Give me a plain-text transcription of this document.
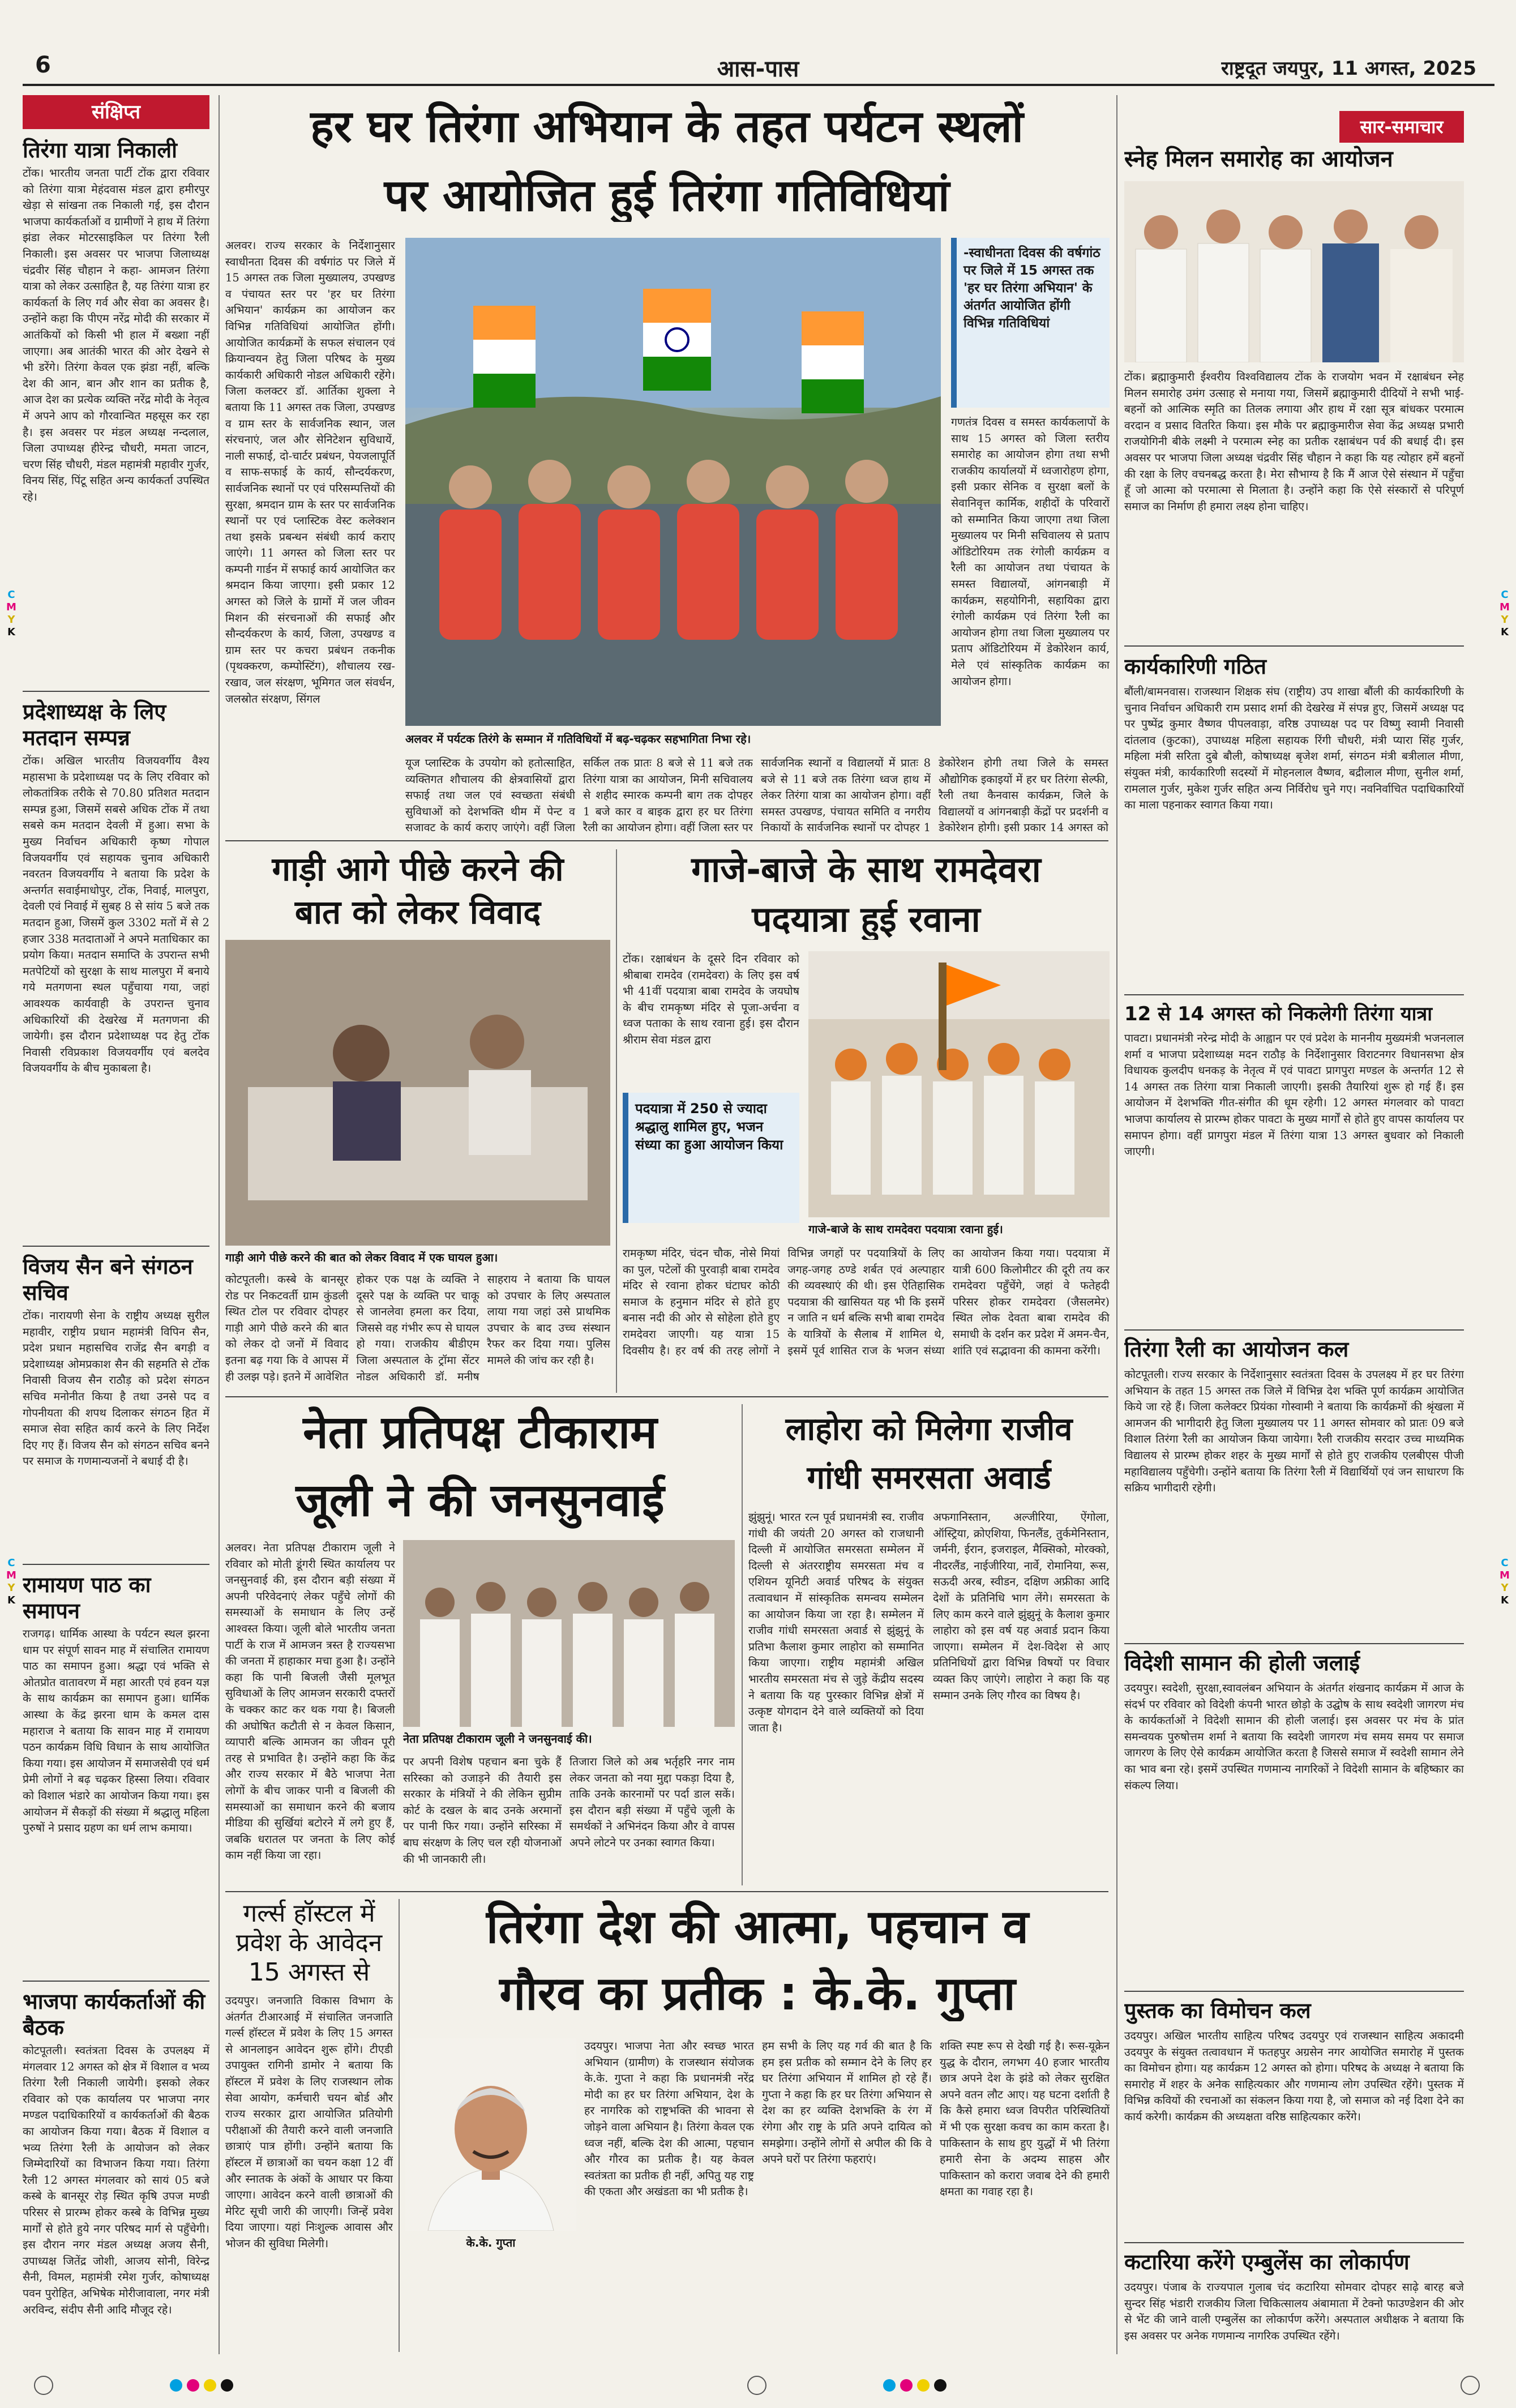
6	आस-पास	राष्ट्रदूत जयपुर, 11 अगस्त, 2025
संक्षिप्त
तिरंगा यात्रा निकाली
टोंक। भारतीय जनता पार्टी टोंक द्वारा रविवार को तिरंगा यात्रा मेहंदवास मंडल द्वारा हमीरपुर खेड़ा से सांखना तक निकाली गई, इस दौरान भाजपा कार्यकर्ताओं व ग्रामीणों ने हाथ में तिरंगा झंडा लेकर मोटरसाइकिल पर तिरंगा रैली निकाली। इस अवसर पर भाजपा जिलाध्यक्ष चंद्रवीर सिंह चौहान ने कहा- आमजन तिरंगा यात्रा को लेकर उत्साहित है, यह तिरंगा यात्रा हर कार्यकर्ता के लिए गर्व और सेवा का अवसर है। उन्होंने कहा कि पीएम नरेंद्र मोदी की सरकार में आतंकियों को किसी भी हाल में बख्शा नहीं जाएगा। अब आतंकी भारत की ओर देखने से भी डरेंगे। तिरंगा केवल एक झंडा नहीं, बल्कि देश की आन, बान और शान का प्रतीक है, आज देश का प्रत्येक व्यक्ति नरेंद्र मोदी के नेतृत्व में अपने आप को गौरवान्वित महसूस कर रहा है। इस अवसर पर मंडल अध्यक्ष नन्दलाल, जिला उपाध्यक्ष हीरेन्द्र चौधरी, ममता जाटन, चरण सिंह चौधरी, मंडल महामंत्री महावीर गुर्जर, विनय सिंह, पिंटू सहित अन्य कार्यकर्ता उपस्थित रहे।
प्रदेशाध्यक्ष के लिए मतदान सम्पन्न
टोंक। अखिल भारतीय विजयवर्गीय वैश्य महासभा के प्रदेशाध्यक्ष पद के लिए रविवार को लोकतांत्रिक तरीके से 70.80 प्रतिशत मतदान सम्पन्न हुआ, जिसमें सबसे अधिक टोंक में तथा सबसे कम मतदान देवली में हुआ। सभा के मुख्य निर्वाचन अधिकारी कृष्ण गोपाल विजयवर्गीय एवं सहायक चुनाव अधिकारी नवरतन विजयवर्गीय ने बताया कि प्रदेश के अन्तर्गत सवाईमाधोपुर, टोंक, निवाई, मालपुरा, देवली एवं निवाई में सुबह 8 से सांय 5 बजे तक मतदान हुआ, जिसमें कुल 3302 मतों में से 2 हजार 338 मतदाताओं ने अपने मताधिकार का प्रयोग किया। मतदान समाप्ति के उपरान्त सभी मतपेटियों को सुरक्षा के साथ मालपुरा में बनाये गये मतगणना स्थल पहुँचाया गया, जहां आवश्यक कार्यवाही के उपरान्त चुनाव अधिकारियों की देखरेख में मतगणना की जायेगी। इस दौरान प्रदेशाध्यक्ष पद हेतु टोंक निवासी रविप्रकाश विजयवर्गीय एवं बलदेव विजयवर्गीय के बीच मुकाबला है।
विजय सैन बने संगठन सचिव
टोंक। नारायणी सेना के राष्ट्रीय अध्यक्ष सुरील महावीर, राष्ट्रीय प्रधान महामंत्री विपिन सैन, प्रदेश प्रधान महासचिव राजेंद्र सैन बगड़ी व प्रदेशाध्यक्ष ओमप्रकाश सैन की सहमति से टोंक निवासी विजय सैन राठौड़ को प्रदेश संगठन सचिव मनोनीत किया है तथा उनसे पद व गोपनीयता की शपथ दिलाकर संगठन हित में समाज सेवा सहित कार्य करने के लिए निर्देश दिए गए हैं। विजय सैन को संगठन सचिव बनने पर समाज के गणमान्यजनों ने बधाई दी है।
रामायण पाठ का समापन
राजगढ़। धार्मिक आस्था के पर्यटन स्थल झरना धाम पर संपूर्ण सावन माह में संचालित रामायण पाठ का समापन हुआ। श्रद्धा एवं भक्ति से ओतप्रोत वातावरण में महा आरती एवं हवन यज्ञ के साथ कार्यक्रम का समापन हुआ। धार्मिक आस्था के केंद्र झरना धाम के कमल दास महाराज ने बताया कि सावन माह में रामायण पठन कार्यक्रम विधि विधान के साथ आयोजित किया गया। इस आयोजन में समाजसेवी एवं धर्म प्रेमी लोगों ने बढ़ चढ़कर हिस्सा लिया। रविवार को विशाल भंडारे का आयोजन किया गया। इस आयोजन में सैकड़ों की संख्या में श्रद्धालु महिला पुरुषों ने प्रसाद ग्रहण का धर्म लाभ कमाया।
भाजपा कार्यकर्ताओं की बैठक
कोटपूतली। स्वतंत्रता दिवस के उपलक्ष्य में मंगलवार 12 अगस्त को क्षेत्र में विशाल व भव्य तिरंगा रैली निकाली जायेगी। इसको लेकर रविवार को एक कार्यालय पर भाजपा नगर मण्डल पदाधिकारियों व कार्यकर्ताओं की बैठक का आयोजन किया गया। बैठक में विशाल व भव्य तिरंगा रैली के आयोजन को लेकर जिम्मेदारियों का विभाजन किया गया। तिरंगा रैली 12 अगस्त मंगलवार को सायं 05 बजे कस्बे के बानसूर रोड़ स्थित कृषि उपज मण्डी परिसर से प्रारम्भ होकर कस्बे के विभिन्न मुख्य मार्गों से होते हुये नगर परिषद मार्ग से पहुँचेगी। इस दौरान नगर मंडल अध्यक्ष अजय सैनी, उपाध्यक्ष जितेंद्र जोशी, आजय सोनी, विरेन्द्र सैनी, विमल, महामंत्री रमेश गुर्जर, कोषाध्यक्ष पवन पुरोहित, अभिषेक मोरीजावाला, नगर मंत्री अरविन्द, संदीप सैनी आदि मौजूद रहे।
हर घर तिरंगा अभियान के तहत पर्यटन स्थलों
पर आयोजित हुई तिरंगा गतिविधियां
अलवर। राज्य सरकार के निर्देशानुसार स्वाधीनता दिवस की वर्षगांठ पर जिले में 15 अगस्त तक जिला मुख्यालय, उपखण्ड व पंचायत स्तर पर 'हर घर तिरंगा अभियान' कार्यक्रम का आयोजन कर विभिन्न गतिविधियां आयोजित होंगी। आयोजित कार्यक्रमों के सफल संचालन एवं क्रियान्वयन हेतु जिला परिषद के मुख्य कार्यकारी अधिकारी नोडल अधिकारी रहेंगे। जिला कलक्टर डॉ. आर्तिका शुक्ला ने बताया कि 11 अगस्त तक जिला, उपखण्ड व ग्राम स्तर के सार्वजनिक स्थान, जल संरचनाएं, जल और सेनिटेशन सुविधायें, नाली सफाई, दो-चार्टर प्रबंधन, पेयजलापूर्ति व साफ-सफाई के कार्य, सौन्दर्यकरण, सार्वजनिक स्थानों पर एवं परिसम्पत्तियों की सुरक्षा, श्रमदान ग्राम के स्तर पर सार्वजनिक स्थानों पर एवं प्लास्टिक वेस्ट कलेक्शन तथा इसके प्रबन्धन संबंधी कार्य कराए जाएंगे। 11 अगस्त को जिला स्तर पर कम्पनी गार्डन में सफाई कार्य आयोजित कर श्रमदान किया जाएगा। इसी प्रकार 12 अगस्त को जिले के ग्रामों में जल जीवन मिशन की संरचनाओं की सफाई और सौन्दर्यकरण के कार्य, जिला, उपखण्ड व ग्राम स्तर पर कचरा प्रबंधन तकनीक (पृथक्करण, कम्पोस्टिंग), शौचालय रख-रखाव, जल संरक्षण, भूमिगत जल संवर्धन, जलस्रोत संरक्षण, सिंगल
-स्वाधीनता दिवस की वर्षगांठ पर जिले में 15 अगस्त तक 'हर घर तिरंगा अभियान' के अंतर्गत आयोजित होंगी विभिन्न गतिविधियां
गणतंत्र दिवस व समस्त कार्यकलापों के साथ 15 अगस्त को जिला स्तरीय समारोह का आयोजन होगा तथा सभी राजकीय कार्यालयों में ध्वजारोहण होगा, इसी प्रकार सेनिक व सुरक्षा बलों के सेवानिवृत्त कार्मिक, शहीदों के परिवारों को सम्मानित किया जाएगा तथा जिला मुख्यालय पर मिनी सचिवालय से प्रताप ऑडिटोरियम तक रंगोली कार्यक्रम व रैली का आयोजन तथा पंचायत के समस्त विद्यालयों, आंगनबाड़ी में कार्यक्रम, सहयोगिनी, सहायिका द्वारा रंगोली कार्यक्रम एवं तिरंगा रैली का आयोजन होगा तथा जिला मुख्यालय पर प्रताप ऑडिटोरियम में डेकोरेशन कार्य, मेले एवं सांस्कृतिक कार्यक्रम का आयोजन होगा।
अलवर में पर्यटक तिरंगे के सम्मान में गतिविधियों में बढ़-चढ़कर सहभागिता निभा रहे।
यूज प्लास्टिक के उपयोग को हतोत्साहित, व्यक्तिगत शौचालय की क्षेत्रवासियों द्वारा सफाई तथा जल एवं स्वच्छता संबंधी सुविधाओं को देशभक्ति थीम में पेन्ट व सजावट के कार्य कराए जाएंगे। वहीं जिला
सर्किल तक प्रातः 8 बजे से 11 बजे तक तिरंगा यात्रा का आयोजन, मिनी सचिवालय से शहीद स्मारक कम्पनी बाग तक दोपहर 1 बजे कार व बाइक द्वारा हर घर तिरंगा रैली का आयोजन होगा। वहीं जिला स्तर पर
सार्वजनिक स्थानों व विद्यालयों में प्रातः 8 बजे से 11 बजे तक तिरंगा ध्वज हाथ में लेकर तिरंगा यात्रा का आयोजन होगा। वहीं समस्त उपखण्ड, पंचायत समिति व नगरीय निकायों के सार्वजनिक स्थानों पर दोपहर 1
डेकोरेशन होगी तथा जिले के समस्त औद्योगिक इकाइयों में हर घर तिरंगा सेल्फी, रैली तथा कैनवास कार्यक्रम, जिले के विद्यालयों व आंगनबाड़ी केंद्रों पर प्रदर्शनी व डेकोरेशन होगी। इसी प्रकार 14 अगस्त को
गाड़ी आगे पीछे करने की
बात को लेकर विवाद
गाड़ी आगे पीछे करने की बात को लेकर विवाद में एक घायल हुआ।
कोटपूतली। कस्बे के बानसूर रोड पर निकटवर्ती ग्राम कुंडली स्थित टोल पर रविवार दोपहर गाड़ी आगे पीछे करने की बात को लेकर दो जनों में विवाद इतना बढ़ गया कि वे आपस में ही उलझ पड़े। इतने में आवेशित होकर एक पक्ष के व्यक्ति ने दूसरे पक्ष के व्यक्ति पर चाकू से जानलेवा हमला कर दिया, जिससे वह गंभीर रूप से घायल हो गया। राजकीय बीडीएम जिला अस्पताल के ट्रॉमा सेंटर नोडल अधिकारी डॉ. मनीष साहराय ने बताया कि घायल को उपचार के लिए अस्पताल लाया गया जहां उसे प्राथमिक उपचार के बाद उच्च संस्थान रैफर कर दिया गया। पुलिस मामले की जांच कर रही है।
गाजे-बाजे के साथ रामदेवरा
पदयात्रा हुई रवाना
टोंक। रक्षाबंधन के दूसरे दिन रविवार को श्रीबाबा रामदेव (रामदेवरा) के लिए इस वर्ष भी 41वीं पदयात्रा बाबा रामदेव के जयघोष के बीच रामकृष्ण मंदिर से पूजा-अर्चना व ध्वज पताका के साथ रवाना हुई। इस दौरान श्रीराम सेवा मंडल द्वारा
पदयात्रा में 250 से ज्यादा श्रद्धालु शामिल हुए, भजन संध्या का हुआ आयोजन किया
गाजे-बाजे के साथ रामदेवरा पदयात्रा रवाना हुई।
रामकृष्ण मंदिर, चंदन चौक, नोसे मियां का पुल, पटेलों की पुरवाड़ी बाबा रामदेव मंदिर से रवाना होकर घंटाघर कोठी समाज के हनुमान मंदिर से होते हुए बनास नदी की ओर से सोहेला होते हुए रामदेवरा जाएगी। यह यात्रा 15 दिवसीय है। हर वर्ष की तरह लोगों ने विभिन्न जगहों पर पदयात्रियों के लिए जगह-जगह ठण्डे शर्बत एवं अल्पाहार की व्यवस्थाएं की थी। इस ऐतिहासिक पदयात्रा की खासियत यह भी कि इसमें न जाति न धर्म बल्कि सभी बाबा रामदेव के यात्रियों के सैलाब में शामिल थे, इसमें पूर्व शासित राज के भजन संध्या का आयोजन किया गया। पदयात्रा में यात्री 600 किलोमीटर की दूरी तय कर रामदेवरा पहुँचेंगे, जहां वे फतेहदी परिसर होकर रामदेवरा (जैसलमेर) स्थित लोक देवता बाबा रामदेव की समाधी के दर्शन कर प्रदेश में अमन-चैन, शांति एवं सद्भावना की कामना करेंगी।
नेता प्रतिपक्ष टीकाराम
जूली ने की जनसुनवाई
अलवर। नेता प्रतिपक्ष टीकाराम जूली ने रविवार को मोती डूंगरी स्थित कार्यालय पर जनसुनवाई की, इस दौरान बड़ी संख्या में अपनी परिवेदनाएं लेकर पहुँचे लोगों की समस्याओं के समाधान के लिए उन्हें आश्वस्त किया। जूली बोले भारतीय जनता पार्टी के राज में आमजन त्रस्त है राज्यसभा की जनता में हाहाकार मचा हुआ है। उन्होंने कहा कि पानी बिजली जैसी मूलभूत सुविधाओं के लिए आमजन सरकारी दफ्तरों के चक्कर काट कर थक गया है। बिजली की अघोषित कटौती से न केवल किसान, व्यापारी बल्कि आमजन का जीवन पूरी तरह से प्रभावित है। उन्होंने कहा कि केंद्र और राज्य सरकार में बैठे भाजपा नेता लोगों के बीच जाकर पानी व बिजली की समस्याओं का समाधान करने की बजाय मीडिया की सुर्खियां बटोरने में लगे हुए हैं, जबकि धरातल पर जनता के लिए कोई काम नहीं किया जा रहा।
नेता प्रतिपक्ष टीकाराम जूली ने जनसुनवाई की।
पर अपनी विशेष पहचान बना चुके हैं सरिस्का को उजाड़ने की तैयारी इस सरकार के मंत्रियों ने की लेकिन सुप्रीम कोर्ट के दखल के बाद उनके अरमानों पर पानी फिर गया। उन्होंने सरिस्का में बाघ संरक्षण के लिए चल रही योजनाओं की भी जानकारी ली।
तिजारा जिले को अब भर्तृहरि नगर नाम लेकर जनता को नया मुद्दा पकड़ा दिया है, ताकि उनके कारनामों पर पर्दा डाल सकें। इस दौरान बड़ी संख्या में पहुँचे जूली के समर्थकों ने अभिनंदन किया और वे वापस अपने लोटने पर उनका स्वागत किया।
लाहोरा को मिलेगा राजीव
गांधी समरसता अवार्ड
झुंझुनूं। भारत रत्न पूर्व प्रधानमंत्री स्व. राजीव गांधी की जयंती 20 अगस्त को राजधानी दिल्ली में आयोजित समरसता सम्मेलन में दिल्ली से अंतरराष्ट्रीय समरसता मंच व एशियन यूनिटी अवार्ड परिषद के संयुक्त तत्वावधान में सांस्कृतिक समन्वय सम्मेलन का आयोजन किया जा रहा है। सम्मेलन में राजीव गांधी समरसता अवार्ड से झुंझुनूं के प्रतिभा कैलाश कुमार लाहोरा को सम्मानित किया जाएगा। राष्ट्रीय महामंत्री अखिल भारतीय समरसता मंच से जुड़े केंद्रीय सदस्य ने बताया कि यह पुरस्कार विभिन्न क्षेत्रों में उत्कृष्ट योगदान देने वाले व्यक्तियों को दिया जाता है।
अफगानिस्तान, अल्जीरिया, ऐंगोला, ऑस्ट्रिया, क्रोएशिया, फिनलैंड, तुर्कमेनिस्तान, जर्मनी, ईरान, इजराइल, मैक्सिको, मोरक्को, नीदरलैंड, नाईजीरिया, नार्वे, रोमानिया, रूस, सऊदी अरब, स्वीडन, दक्षिण अफ्रीका आदि देशों के प्रतिनिधि भाग लेंगे। समरसता के लिए काम करने वाले झुंझुनूं के कैलाश कुमार लाहोरा को इस वर्ष यह अवार्ड प्रदान किया जाएगा। सम्मेलन में देश-विदेश से आए प्रतिनिधियों द्वारा विभिन्न विषयों पर विचार व्यक्त किए जाएंगे। लाहोरा ने कहा कि यह सम्मान उनके लिए गौरव का विषय है।
गर्ल्स हॉस्टल में
प्रवेश के आवेदन
15 अगस्त से
उदयपुर। जनजाति विकास विभाग के अंतर्गत टीआरआई में संचालित जनजाति गर्ल्स हॉस्टल में प्रवेश के लिए 15 अगस्त से आनलाइन आवेदन शुरू होंगे। टीएडी उपायुक्त रागिनी डामोर ने बताया कि हॉस्टल में प्रवेश के लिए राजस्थान लोक सेवा आयोग, कर्मचारी चयन बोर्ड और राज्य सरकार द्वारा आयोजित प्रतियोगी परीक्षाओं की तैयारी करने वाली जनजाति छात्राएं पात्र होंगी। उन्होंने बताया कि हॉस्टल में छात्राओं का चयन कक्षा 12 वीं और स्नातक के अंकों के आधार पर किया जाएगा। आवेदन करने वाली छात्राओं की मेरिट सूची जारी की जाएगी। जिन्हें प्रवेश दिया जाएगा। यहां निःशुल्क आवास और भोजन की सुविधा मिलेगी।
तिरंगा देश की आत्मा, पहचान व
गौरव का प्रतीक : के.के. गुप्ता
के.के. गुप्ता
उदयपुर। भाजपा नेता और स्वच्छ भारत अभियान (ग्रामीण) के राजस्थान संयोजक के.के. गुप्ता ने कहा कि प्रधानमंत्री नरेंद्र मोदी का हर घर तिरंगा अभियान, देश के हर नागरिक को राष्ट्रभक्ति की भावना से जोड़ने वाला अभियान है। तिरंगा केवल एक ध्वज नहीं, बल्कि देश की आत्मा, पहचान और गौरव का प्रतीक है। यह केवल स्वतंत्रता का प्रतीक ही नहीं, अपितु यह राष्ट्र की एकता और अखंडता का भी प्रतीक है।
हम सभी के लिए यह गर्व की बात है कि हम इस प्रतीक को सम्मान देने के लिए हर घर तिरंगा अभियान में शामिल हो रहे हैं। गुप्ता ने कहा कि हर घर तिरंगा अभियान से देश का हर व्यक्ति देशभक्ति के रंग में रंगेगा और राष्ट्र के प्रति अपने दायित्व को समझेगा। उन्होंने लोगों से अपील की कि वे अपने घरों पर तिरंगा फहराएं।
शक्ति स्पष्ट रूप से देखी गई है। रूस-यूक्रेन युद्ध के दौरान, लगभग 40 हजार भारतीय छात्र अपने देश के झंडे को लेकर सुरक्षित अपने वतन लौट आए। यह घटना दर्शाती है कि कैसे हमारा ध्वज विपरीत परिस्थितियों में भी एक सुरक्षा कवच का काम करता है। पाकिस्तान के साथ हुए युद्धों में भी तिरंगा हमारी सेना के अदम्य साहस और पाकिस्तान को करारा जवाब देने की हमारी क्षमता का गवाह रहा है।
सार-समाचार
स्नेह मिलन समारोह का आयोजन
टोंक। ब्रह्माकुमारी ईश्वरीय विश्वविद्यालय टोंक के राजयोग भवन में रक्षाबंधन स्नेह मिलन समारोह उमंग उत्साह से मनाया गया, जिसमें ब्रह्माकुमारी दीदियों ने सभी भाई-बहनों को आत्मिक स्मृति का तिलक लगाया और हाथ में रक्षा सूत्र बांधकर परमात्म वरदान व प्रसाद वितरित किया। इस मौके पर ब्रह्माकुमारीज सेवा केंद्र अध्यक्ष प्रभारी राजयोगिनी बीके लक्ष्मी ने परमात्म स्नेह का प्रतीक रक्षाबंधन पर्व की बधाई दी। इस अवसर पर भाजपा जिला अध्यक्ष चंद्रवीर सिंह चौहान ने कहा कि यह त्योहार हमें बहनों की रक्षा के लिए वचनबद्ध करता है। मेरा सौभाग्य है कि मैं आज ऐसे संस्थान में पहुँचा हूँ जो आत्मा को परमात्मा से मिलाता है। उन्होंने कहा कि ऐसे संस्कारों से परिपूर्ण समाज का निर्माण ही हमारा लक्ष्य होना चाहिए।
कार्यकारिणी गठित
बौंली/बामनवास। राजस्थान शिक्षक संघ (राष्ट्रीय) उप शाखा बौंली की कार्यकारिणी के चुनाव निर्वाचन अधिकारी राम प्रसाद शर्मा की देखरेख में संपन्न हुए, जिसमें अध्यक्ष पद पर पुष्पेंद्र कुमार वैष्णव पीपलवाड़ा, वरिष्ठ उपाध्यक्ष पद पर विष्णु स्वामी निवासी दांतलाव (कुटका), उपाध्यक्ष महिला सहायक रिंगी चौधरी, मंत्री प्यारा सिंह गुर्जर, महिला मंत्री सरिता दुबे बौली, कोषाध्यक्ष बृजेश शर्मा, संगठन मंत्री बत्रीलाल मीणा, संयुक्त मंत्री, कार्यकारिणी सदस्यों में मोहनलाल वैष्णव, बद्रीलाल मीणा, सुनील शर्मा, रामलाल गुर्जर, मुकेश गुर्जर सहित अन्य निर्विरोध चुने गए। नवनिर्वाचित पदाधिकारियों का माला पहनाकर स्वागत किया गया।
12 से 14 अगस्त को निकलेगी तिरंगा यात्रा
पावटा। प्रधानमंत्री नरेन्द्र मोदी के आह्वान पर एवं प्रदेश के माननीय मुख्यमंत्री भजनलाल शर्मा व भाजपा प्रदेशाध्यक्ष मदन राठौड़ के निर्देशानुसार विराटनगर विधानसभा क्षेत्र विधायक कुलदीप धनकड़ के नेतृत्व में एवं पावटा प्रागपुरा मण्डल के अन्तर्गत 12 से 14 अगस्त तक तिरंगा यात्रा निकाली जाएगी। इसकी तैयारियां शुरू हो गई हैं। इस आयोजन में देशभक्ति गीत-संगीत की धूम रहेगी। 12 अगस्त मंगलवार को पावटा भाजपा कार्यालय से प्रारम्भ होकर पावटा के मुख्य मार्गों से होते हुए वापस कार्यालय पर समापन होगा। वहीं प्रागपुरा मंडल में तिरंगा यात्रा 13 अगस्त बुधवार को निकाली जाएगी।
तिरंगा रैली का आयोजन कल
कोटपूतली। राज्य सरकार के निर्देशानुसार स्वतंत्रता दिवस के उपलक्ष्य में हर घर तिरंगा अभियान के तहत 15 अगस्त तक जिले में विभिन्न देश भक्ति पूर्ण कार्यक्रम आयोजित किये जा रहे हैं। जिला कलेक्टर प्रियंका गोस्वामी ने बताया कि कार्यक्रमों की श्रृंखला में आमजन की भागीदारी हेतु जिला मुख्यालय पर 11 अगस्त सोमवार को प्रातः 09 बजे विशाल तिरंगा रैली का आयोजन किया जायेगा। रैली राजकीय सरदार उच्च माध्यमिक विद्यालय से प्रारम्भ होकर शहर के मुख्य मार्गों से होते हुए राजकीय एलबीएस पीजी महाविद्यालय पहुँचेगी। उन्होंने बताया कि तिरंगा रैली में विद्यार्थियों एवं जन साधारण कि सक्रिय भागीदारी रहेगी।
विदेशी सामान की होली जलाई
उदयपुर। स्वदेशी, सुरक्षा,स्वावलंबन अभियान के अंतर्गत शंखनाद कार्यक्रम में आज के संदर्भ पर रविवार को विदेशी कंपनी भारत छोड़ो के उद्घोष के साथ स्वदेशी जागरण मंच के कार्यकर्ताओं ने विदेशी सामान की होली जलाई। इस अवसर पर मंच के प्रांत समन्वयक पुरुषोत्तम शर्मा ने बताया कि स्वदेशी जागरण मंच समय समय पर समाज जागरण के लिए ऐसे कार्यक्रम आयोजित करता है जिससे समाज में स्वदेशी सामान लेने का भाव बना रहे। इसमें उपस्थित गणमान्य नागरिकों ने विदेशी सामान के बहिष्कार का संकल्प लिया।
पुस्तक का विमोचन कल
उदयपुर। अखिल भारतीय साहित्य परिषद उदयपुर एवं राजस्थान साहित्य अकादमी उदयपुर के संयुक्त तत्वावधान में फतहपुर अग्रसेन नगर आयोजित समारोह में पुस्तक का विमोचन होगा। यह कार्यक्रम 12 अगस्त को होगा। परिषद के अध्यक्ष ने बताया कि समारोह में शहर के अनेक साहित्यकार और गणमान्य लोग उपस्थित रहेंगे। पुस्तक में विभिन्न कवियों की रचनाओं का संकलन किया गया है, जो समाज को नई दिशा देने का कार्य करेगी। कार्यक्रम की अध्यक्षता वरिष्ठ साहित्यकार करेंगे।
कटारिया करेंगे एम्बुलेंस का लोकार्पण
उदयपुर। पंजाब के राज्यपाल गुलाब चंद कटारिया सोमवार दोपहर साढ़े बारह बजे सुन्दर सिंह भंडारी राजकीय जिला चिकित्सालय अंबामाता में टेक्नो फाउण्डेशन की ओर से भेंट की जाने वाली एम्बुलेंस का लोकार्पण करेंगे। अस्पताल अधीक्षक ने बताया कि इस अवसर पर अनेक गणमान्य नागरिक उपस्थित रहेंगे।
C
M
Y
K
C
M
Y
K
C
M
Y
K
C
M
Y
K
